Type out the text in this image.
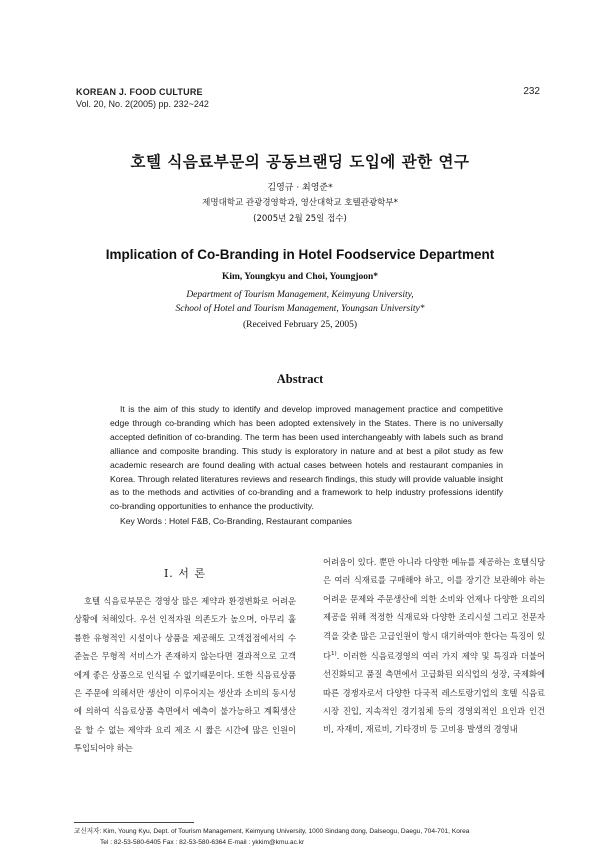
KOREAN J. FOOD CULTURE
Vol. 20, No. 2(2005) pp. 232~242
232
호텔 식음료부문의 공동브랜딩 도입에 관한 연구
김영규 · 최영준*
제명대학교 관광경영학과, 영산대학교 호텔관광학부*
(2005년 2월 25일 접수)
Implication of Co-Branding in Hotel Foodservice Department
Kim, Youngkyu and Choi, Youngjoon*
Department of Tourism Management, Keimyung University,
School of Hotel and Tourism Management, Youngsan University*
(Received February 25, 2005)
Abstract
It is the aim of this study to identify and develop improved management practice and competitive edge through co-branding which has been adopted extensively in the States. There is no universally accepted definition of co-branding. The term has been used interchangeably with labels such as brand alliance and composite branding. This study is exploratory in nature and at best a pilot study as few academic research are found dealing with actual cases between hotels and restaurant companies in Korea. Through related literatures reviews and research findings, this study will provide valuable insight as to the methods and activities of co-branding and a framework to help industry professions identify co-branding opportunities to enhance the productivity.
Key Words : Hotel F&B, Co-Branding, Restaurant companies
I. 서 론
호텔 식음료부문은 경영상 많은 제약과 환경변화로 어려운 상황에 처해있다. 우선 인적자원 의존도가 높으며, 아무리 훌륭한 유형적인 시설이나 상품을 제공해도 고객접점에서의 수준높은 무형적 서비스가 존재하지 않는다면 결과적으로 고객에게 좋은 상품으로 인식될 수 없기때문이다. 또한 식음료상품은 주문에 의해서만 생산이 이루어지는 생산과 소비의 동시성에 의하여 식음료상품 측면에서 예측이 불가능하고 계획생산을 할 수 없는 제약과 요리 제조 시 짧은 시간에 많은 인원이 투입되어야 하는

어려움이 있다. 뿐만 아니라 다양한 메뉴를 제공하는 호텔식당은 여러 식재료를 구매해야 하고, 이를 장기간 보관해야 하는 어려운 문제와 주문생산에 의한 소비와 언제나 다양한 요리의 제공을 위해 적정한 식재료와 다양한 조리시설 그리고 전문자격을 갖춘 많은 고급인원이 항시 대기하여야 한다는 특징이 있다$^{1)}$. 이러한 식음료경영의 여러 가지 제약 및 특징과 더불어 선진화되고 품질 측면에서 고급화된 외식업의 성장, 국제화에 따른 경쟁자로서 다양한 다국적 레스토랑기업의 호텔 식음료시장 진입, 지속적인 경기침체 등의 경영외적인 요인과 인건비, 자재비, 재료비, 기타경비 등 고비용 발생의 경영내

교신저자: Kim, Young Kyu, Dept. of Tourism Management, Keimyung University, 1000 Sindang dong, Dalseogu, Daegu, 704-701, Korea
Tel : 82-53-580-6405 Fax : 82-53-580-6364 E-mail : ykkim@kmu.ac.kr
